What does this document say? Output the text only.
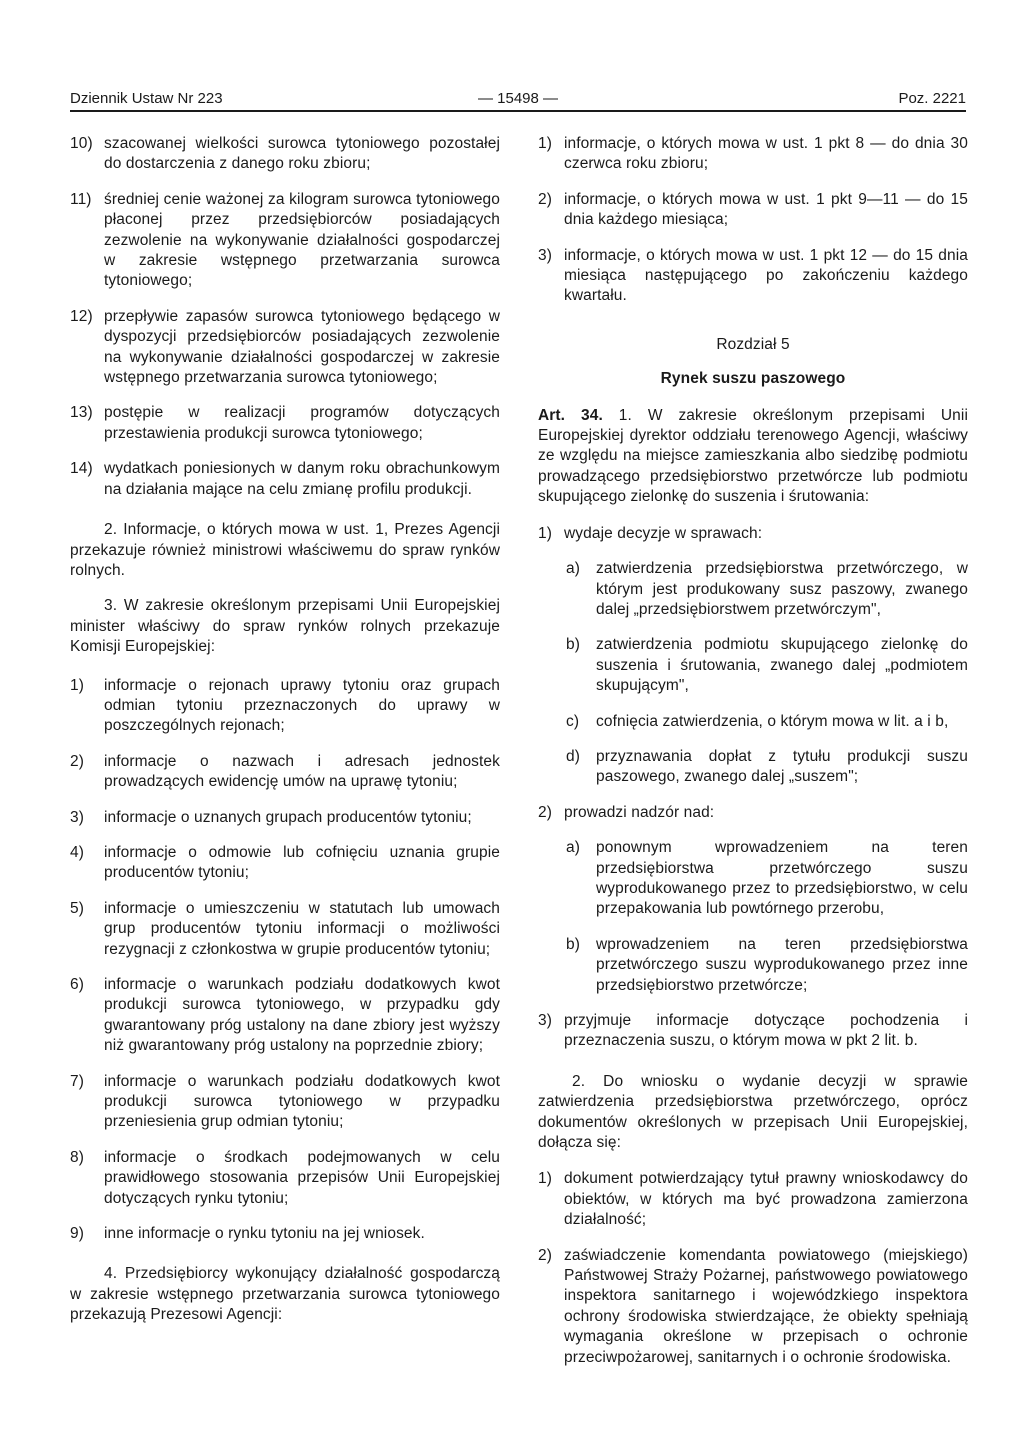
Dziennik Ustaw Nr 223	— 15498 —	Poz. 2221
10) szacowanej wielkości surowca tytoniowego pozostałej do dostarczenia z danego roku zbioru;
11) średniej cenie ważonej za kilogram surowca tytoniowego płaconej przez przedsiębiorców posiadających zezwolenie na wykonywanie działalności gospodarczej w zakresie wstępnego przetwarzania surowca tytoniowego;
12) przepływie zapasów surowca tytoniowego będącego w dyspozycji przedsiębiorców posiadających zezwolenie na wykonywanie działalności gospodarczej w zakresie wstępnego przetwarzania surowca tytoniowego;
13) postępie w realizacji programów dotyczących przestawienia produkcji surowca tytoniowego;
14) wydatkach poniesionych w danym roku obrachunkowym na działania mające na celu zmianę profilu produkcji.

2. Informacje, o których mowa w ust. 1, Prezes Agencji przekazuje również ministrowi właściwemu do spraw rynków rolnych.

3. W zakresie określonym przepisami Unii Europejskiej minister właściwy do spraw rynków rolnych przekazuje Komisji Europejskiej:

1) informacje o rejonach uprawy tytoniu oraz grupach odmian tytoniu przeznaczonych do uprawy w poszczególnych rejonach;
2) informacje o nazwach i adresach jednostek prowadzących ewidencję umów na uprawę tytoniu;
3) informacje o uznanych grupach producentów tytoniu;
4) informacje o odmowie lub cofnięciu uznania grupie producentów tytoniu;
5) informacje o umieszczeniu w statutach lub umowach grup producentów tytoniu informacji o możliwości rezygnacji z członkostwa w grupie producentów tytoniu;
6) informacje o warunkach podziału dodatkowych kwot produkcji surowca tytoniowego, w przypadku gdy gwarantowany próg ustalony na dane zbiory jest wyższy niż gwarantowany próg ustalony na poprzednie zbiory;
7) informacje o warunkach podziału dodatkowych kwot produkcji surowca tytoniowego w przypadku przeniesienia grup odmian tytoniu;
8) informacje o środkach podejmowanych w celu prawidłowego stosowania przepisów Unii Europejskiej dotyczących rynku tytoniu;
9) inne informacje o rynku tytoniu na jej wniosek.

4. Przedsiębiorcy wykonujący działalność gospodarczą w zakresie wstępnego przetwarzania surowca tytoniowego przekazują Prezesowi Agencji:

1) informacje, o których mowa w ust. 1 pkt 8 — do dnia 30 czerwca roku zbioru;
2) informacje, o których mowa w ust. 1 pkt 9—11 — do 15 dnia każdego miesiąca;
3) informacje, o których mowa w ust. 1 pkt 12 — do 15 dnia miesiąca następującego po zakończeniu każdego kwartału.
Rozdział 5
Rynek suszu paszowego

Art. 34. 1. W zakresie określonym przepisami Unii Europejskiej dyrektor oddziału terenowego Agencji, właściwy ze względu na miejsce zamieszkania albo siedzibę podmiotu prowadzącego przedsiębiorstwo przetwórcze lub podmiotu skupującego zielonkę do suszenia i śrutowania:

1) wydaje decyzje w sprawach:
a) zatwierdzenia przedsiębiorstwa przetwórczego, w którym jest produkowany susz paszowy, zwanego dalej „przedsiębiorstwem przetwórczym",
b) zatwierdzenia podmiotu skupującego zielonkę do suszenia i śrutowania, zwanego dalej „podmiotem skupującym",
c) cofnięcia zatwierdzenia, o którym mowa w lit. a i b,
d) przyznawania dopłat z tytułu produkcji suszu paszowego, zwanego dalej „suszem";
2) prowadzi nadzór nad:
a) ponownym wprowadzeniem na teren przedsiębiorstwa przetwórczego suszu wyprodukowanego przez to przedsiębiorstwo, w celu przepakowania lub powtórnego przerobu,
b) wprowadzeniem na teren przedsiębiorstwa przetwórczego suszu wyprodukowanego przez inne przedsiębiorstwo przetwórcze;
3) przyjmuje informacje dotyczące pochodzenia i przeznaczenia suszu, o którym mowa w pkt 2 lit. b.

2. Do wniosku o wydanie decyzji w sprawie zatwierdzenia przedsiębiorstwa przetwórczego, oprócz dokumentów określonych w przepisach Unii Europejskiej, dołącza się:

1) dokument potwierdzający tytuł prawny wnioskodawcy do obiektów, w których ma być prowadzona zamierzona działalność;
2) zaświadczenie komendanta powiatowego (miejskiego) Państwowej Straży Pożarnej, państwowego powiatowego inspektora sanitarnego i wojewódzkiego inspektora ochrony środowiska stwierdzające, że obiekty spełniają wymagania określone w przepisach o ochronie przeciwpożarowej, sanitarnych i o ochronie środowiska.
